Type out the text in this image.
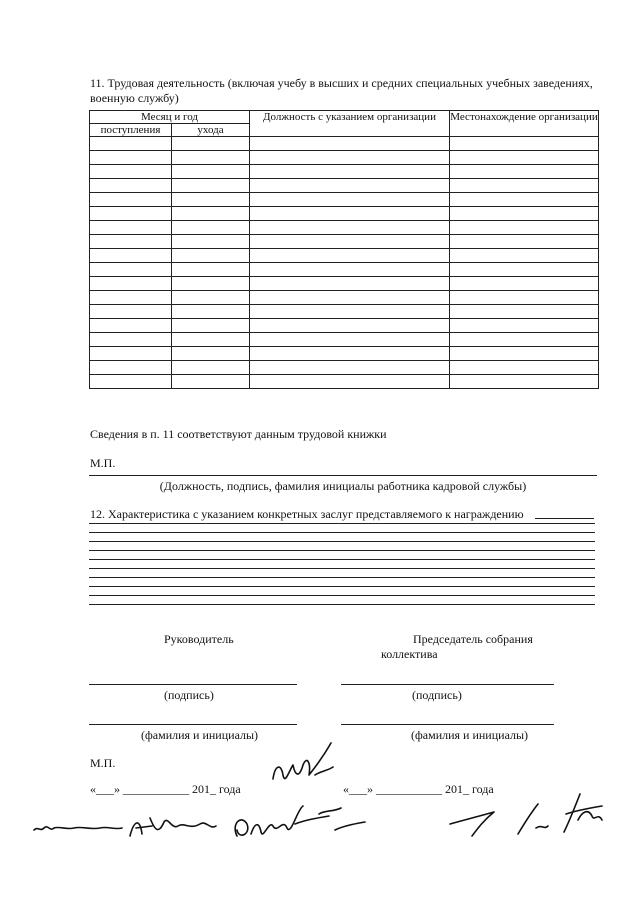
11. Трудовая деятельность (включая учебу в высших и средних специальных учебных заведениях, военную службу)
Месяц и год		Должность с указанием организации	Местонахождение организации
поступления	ухода		

Сведения в п. 11 соответствуют данным трудовой книжки
М.П.
(Должность, подпись, фамилия инициалы работника кадровой службы)
12. Характеристика с указанием конкретных заслуг представляемого к награждению
Руководитель	Председатель собрания
коллектива
(подпись)	(подпись)
(фамилия и инициалы)	(фамилия и инициалы)
М.П.
«___» ___________ 201_ года	«___» ___________ 201_ года
